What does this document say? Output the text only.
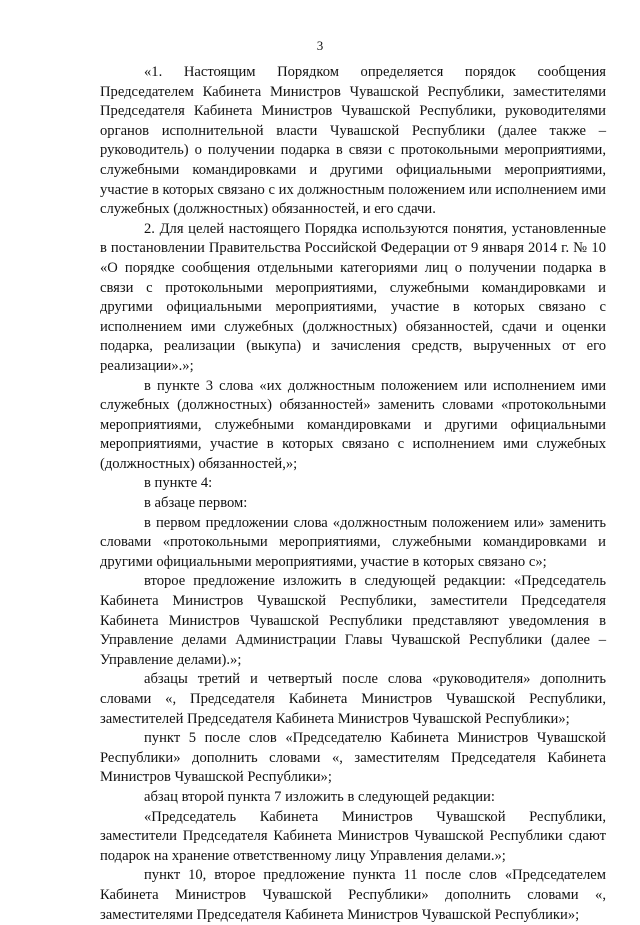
3

«1. Настоящим Порядком определяется порядок сообщения Председателем Кабинета Министров Чувашской Республики, заместителями Председателя Кабинета Министров Чувашской Республики, руководителями органов исполнительной власти Чувашской Республики (далее также – руководитель) о получении подарка в связи с протокольными мероприятиями, служебными командировками и другими официальными мероприятиями, участие в которых связано с их должностным положением или исполнением ими служебных (должностных) обязанностей, и его сдачи.

2. Для целей настоящего Порядка используются понятия, установленные в постановлении Правительства Российской Федерации от 9 января 2014 г. № 10 «О порядке сообщения отдельными категориями лиц о получении подарка в связи с протокольными мероприятиями, служебными командировками и другими официальными мероприятиями, участие в которых связано с исполнением ими служебных (должностных) обязанностей, сдачи и оценки подарка, реализации (выкупа) и зачисления средств, вырученных от его реализации».»;

в пункте 3 слова «их должностным положением или исполнением ими служебных (должностных) обязанностей» заменить словами «протокольными мероприятиями, служебными командировками и другими официальными мероприятиями, участие в которых связано с исполнением ими служебных (должностных) обязанностей,»;

в пункте 4:

в абзаце первом:

в первом предложении слова «должностным положением или» заменить словами «протокольными мероприятиями, служебными командировками и другими официальными мероприятиями, участие в которых связано с»;

второе предложение изложить в следующей редакции: «Председатель Кабинета Министров Чувашской Республики, заместители Председателя Кабинета Министров Чувашской Республики представляют уведомления в Управление делами Администрации Главы Чувашской Республики (далее – Управление делами).»;

абзацы третий и четвертый после слова «руководителя» дополнить словами «, Председателя Кабинета Министров Чувашской Республики, заместителей Председателя Кабинета Министров Чувашской Республики»;

пункт 5 после слов «Председателю Кабинета Министров Чувашской Республики» дополнить словами «, заместителям Председателя Кабинета Министров Чувашской Республики»;

абзац второй пункта 7 изложить в следующей редакции:

«Председатель Кабинета Министров Чувашской Республики, заместители Председателя Кабинета Министров Чувашской Республики сдают подарок на хранение ответственному лицу Управления делами.»;

пункт 10, второе предложение пункта 11 после слов «Председателем Кабинета Министров Чувашской Республики» дополнить словами «, заместителями Председателя Кабинета Министров Чувашской Республики»;
